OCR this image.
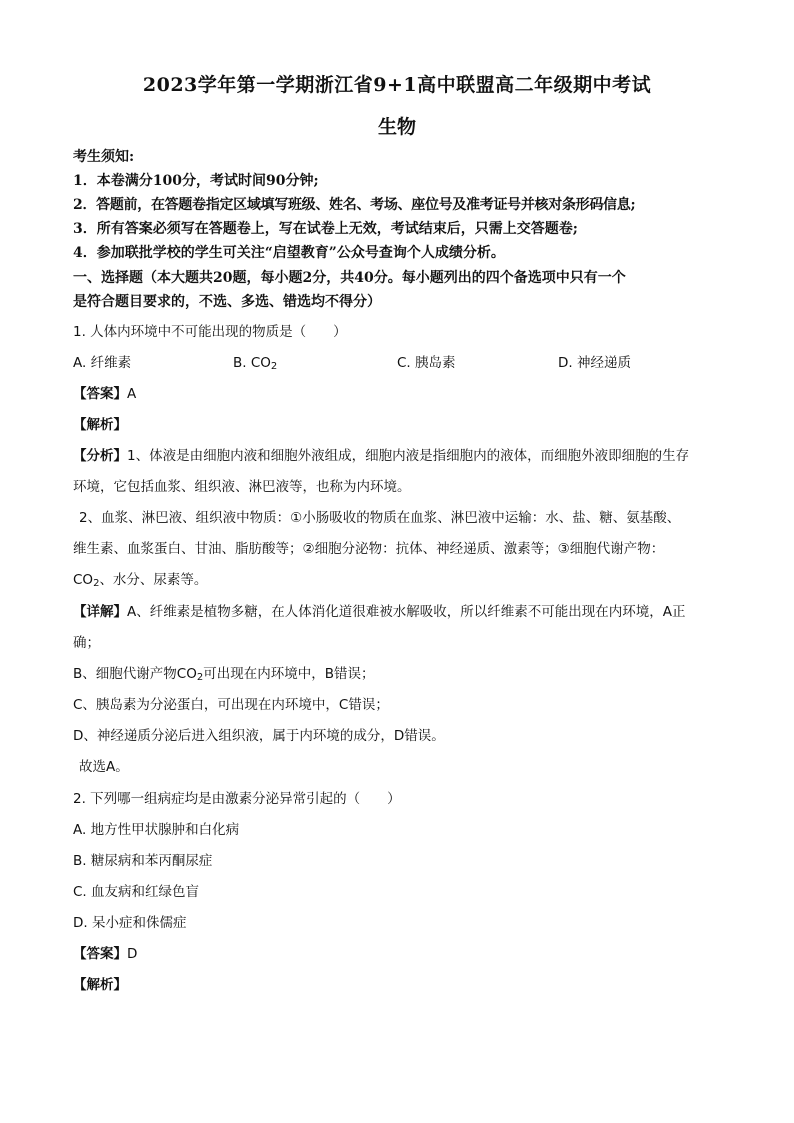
2023学年第一学期浙江省9+1高中联盟高二年级期中考试
生物
考生须知:
1．本卷满分100分，考试时间90分钟;
2．答题前，在答题卷指定区域填写班级、姓名、考场、座位号及准考证号并核对条形码信息;
3．所有答案必须写在答题卷上，写在试卷上无效，考试结束后，只需上交答题卷;
4．参加联批学校的学生可关注“启望教育”公众号查询个人成绩分析。
一、选择题（本大题共20题，每小题2分，共40分。每小题列出的四个备选项中只有一个
是符合题目要求的，不选、多选、错选均不得分）
1. 人体内环境中不可能出现的物质是（　　）
A. 纤维素	B. $CO_2$	C. 胰岛素	D. 神经递质
【答案】A
【解析】
【分析】1、体液是由细胞内液和细胞外液组成，细胞内液是指细胞内的液体，而细胞外液即细胞的生存
环境，它包括血浆、组织液、淋巴液等，也称为内环境。
2、血浆、淋巴液、组织液中物质：①小肠吸收的物质在血浆、淋巴液中运输：水、盐、糖、氨基酸、
维生素、血浆蛋白、甘油、脂肪酸等；②细胞分泌物：抗体、神经递质、激素等；③细胞代谢产物：
$CO_2$、水分、尿素等。
【详解】A、纤维素是植物多糖，在人体消化道很难被水解吸收，所以纤维素不可能出现在内环境，A正
确；
B、细胞代谢产物$CO_2$可出现在内环境中，B错误；
C、胰岛素为分泌蛋白，可出现在内环境中，C错误；
D、神经递质分泌后进入组织液，属于内环境的成分，D错误。
故选A。
2. 下列哪一组病症均是由激素分泌异常引起的（　　）
A. 地方性甲状腺肿和白化病
B. 糖尿病和苯丙酮尿症
C. 血友病和红绿色盲
D. 呆小症和侏儒症
【答案】D
【解析】
